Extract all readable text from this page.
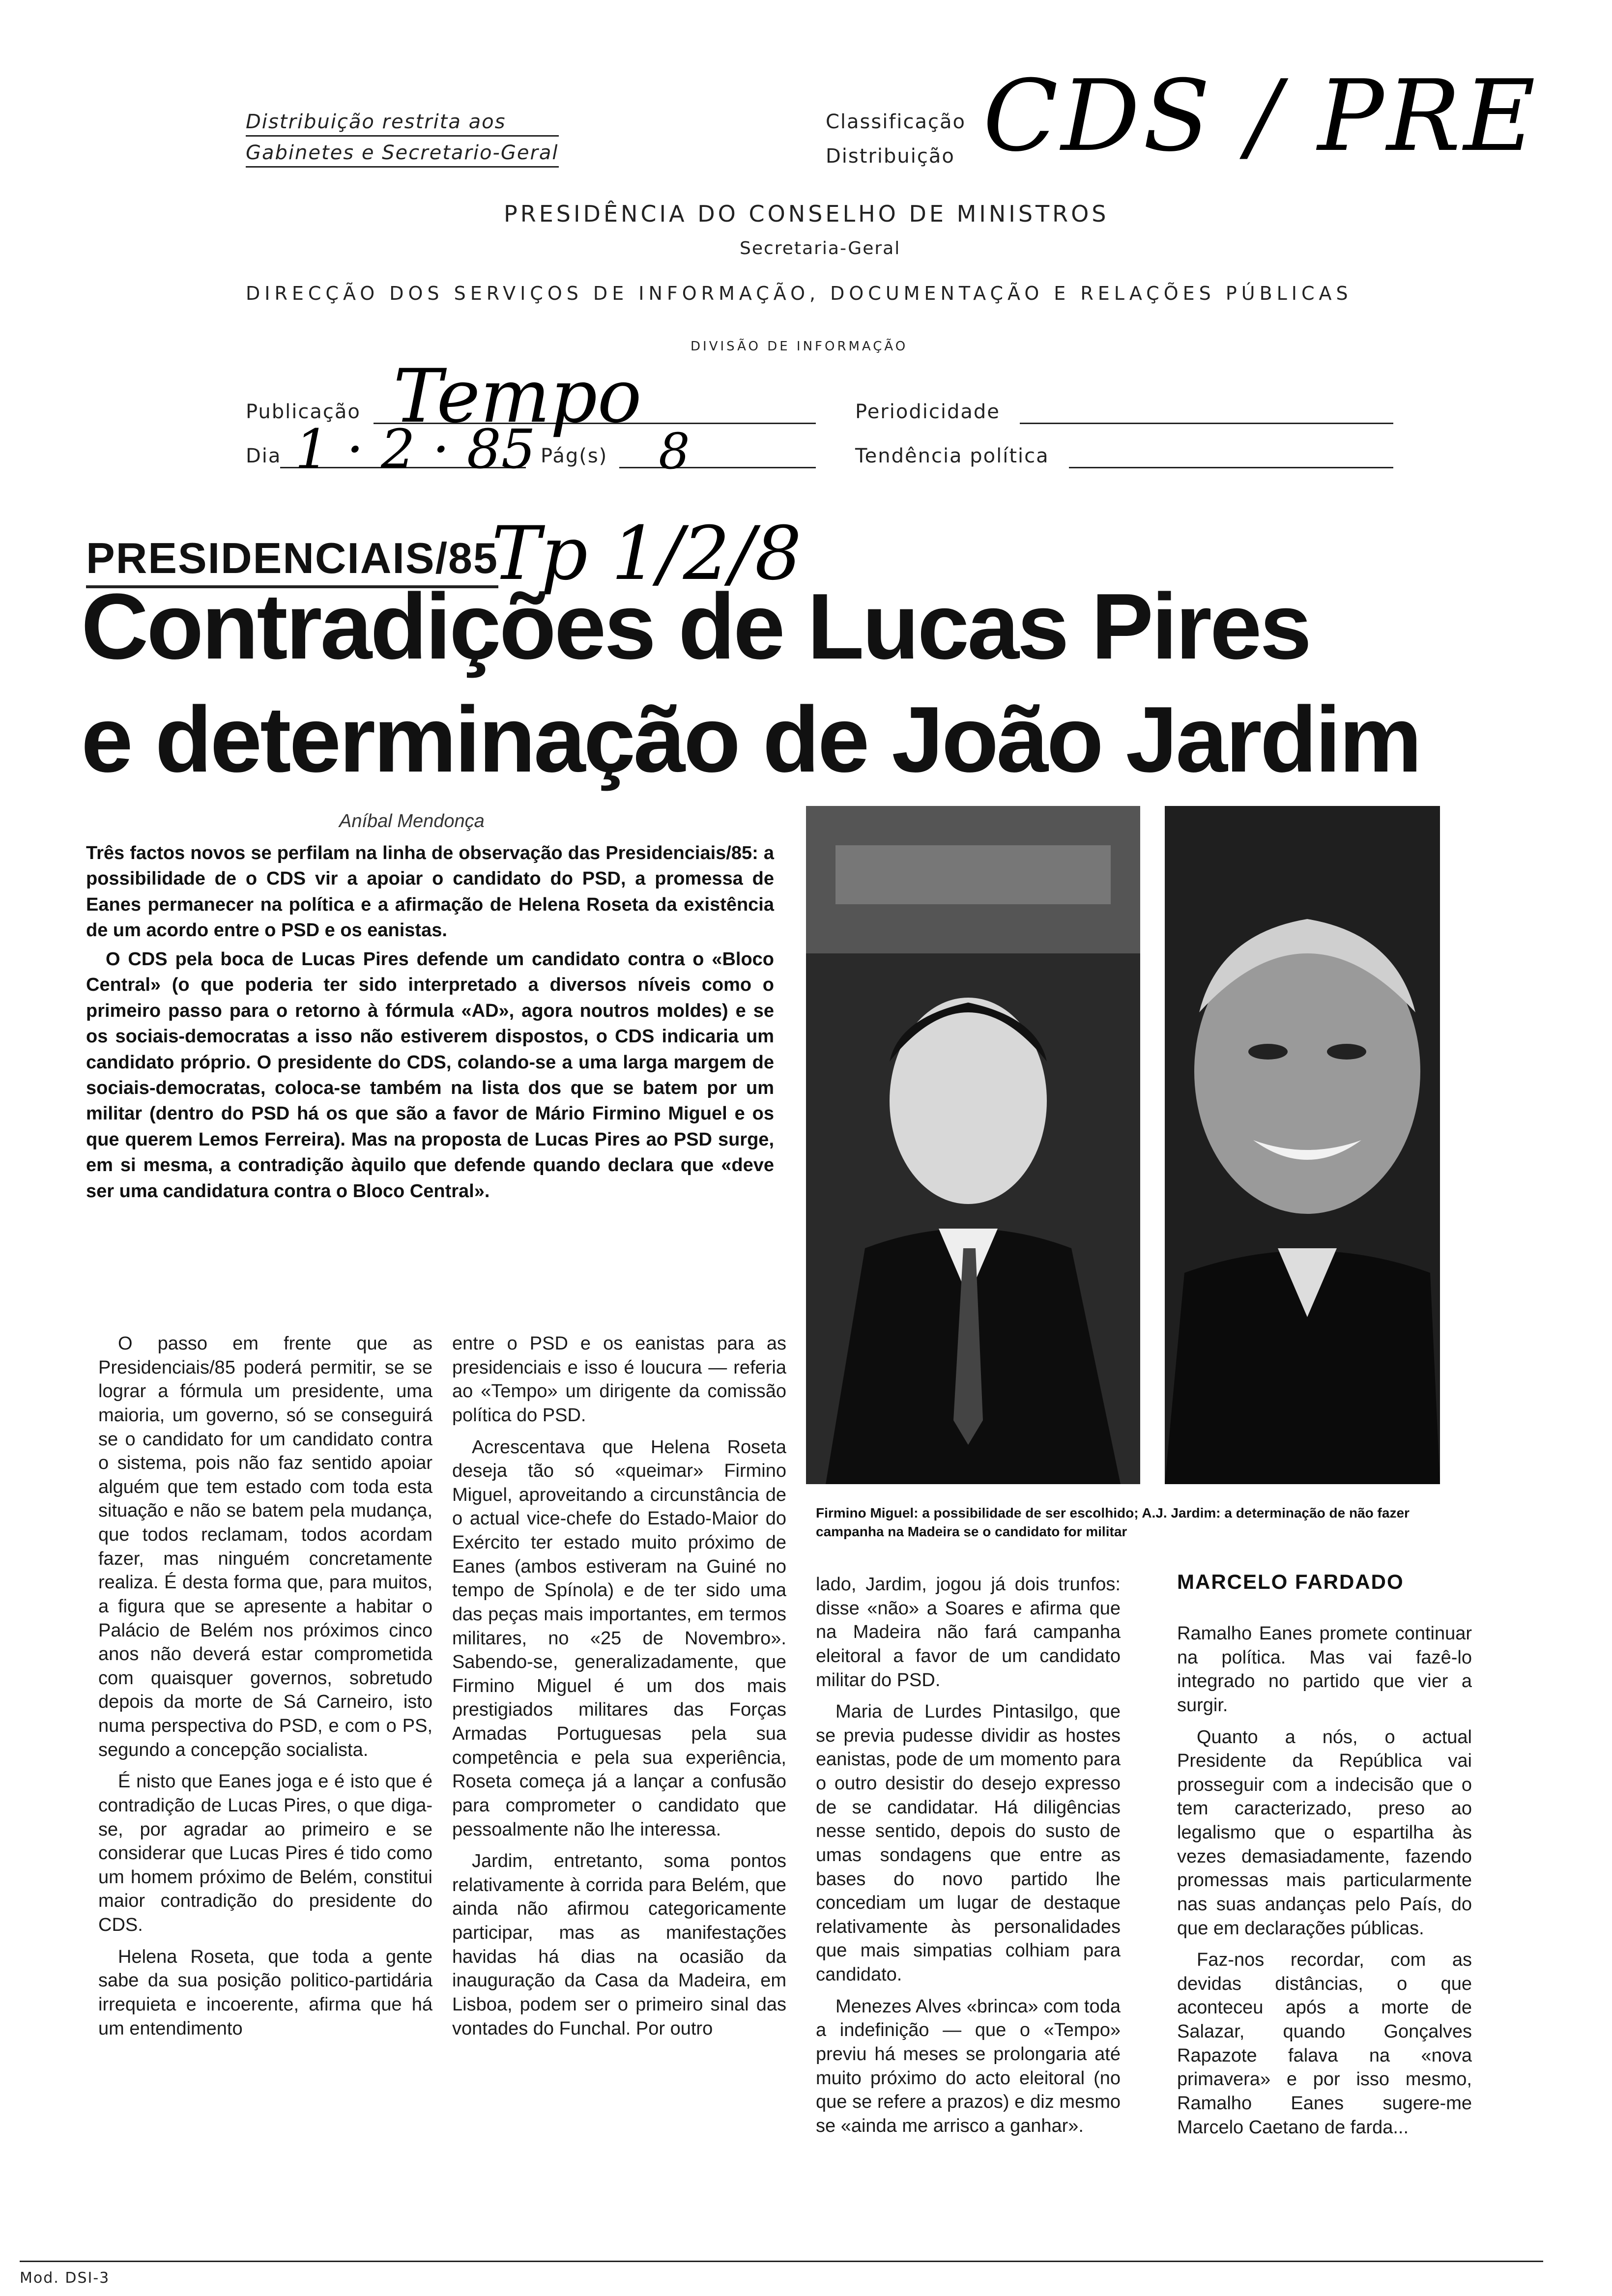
Distribuição restrita aos
Gabinetes e Secretario-Geral
Classificação
Distribuição CDS / PRE
PRESIDÊNCIA DO CONSELHO DE MINISTROS
Secretaria-Geral
DIRECÇÃO DOS SERVIÇOS DE INFORMAÇÃO, DOCUMENTAÇÃO E RELAÇÕES PÚBLICAS
DIVISÃO DE INFORMAÇÃO
Publicação Tempo	Periodicidade
Dia 1 · 2 · 85 Pág(s) 8	Tendência política
PRESIDENCIAIS/85
Tp 1/2/8
Contradições de Lucas Pires
e determinação de João Jardim
Aníbal Mendonça

Três factos novos se perfilam na linha de observação das Presidenciais/85: a possibilidade de o CDS vir a apoiar o candidato do PSD, a promessa de Eanes permanecer na política e a afirmação de Helena Roseta da existência de um acordo entre o PSD e os eanistas.

O CDS pela boca de Lucas Pires defende um candidato contra o «Bloco Central» (o que poderia ter sido interpretado a diversos níveis como o primeiro passo para o retorno à fórmula «AD», agora noutros moldes) e se os sociais-democratas a isso não estiverem dispostos, o CDS indicaria um candidato próprio. O presidente do CDS, colando-se a uma larga margem de sociais-democratas, coloca-se também na lista dos que se batem por um militar (dentro do PSD há os que são a favor de Mário Firmino Miguel e os que querem Lemos Ferreira). Mas na proposta de Lucas Pires ao PSD surge, em si mesma, a contradição àquilo que defende quando declara que «deve ser uma candidatura contra o Bloco Central».

Firmino Miguel: a possibilidade de ser escolhido; A.J. Jardim: a determinação de não fazer campanha na Madeira se o candidato for militar

O passo em frente que as Presidenciais/85 poderá permitir, se se lograr a fórmula um presidente, uma maioria, um governo, só se conseguirá se o candidato for um candidato contra o sistema, pois não faz sentido apoiar alguém que tem estado com toda esta situação e não se batem pela mudança, que todos reclamam, todos acordam fazer, mas ninguém concretamente realiza. É desta forma que, para muitos, a figura que se apresente a habitar o Palácio de Belém nos próximos cinco anos não deverá estar comprometida com quaisquer governos, sobretudo depois da morte de Sá Carneiro, isto numa perspectiva do PSD, e com o PS, segundo a concepção socialista.

É nisto que Eanes joga e é isto que é contradição de Lucas Pires, o que diga-se, por agradar ao primeiro e se considerar que Lucas Pires é tido como um homem próximo de Belém, constitui maior contradição do presidente do CDS.

Helena Roseta, que toda a gente sabe da sua posição politico-partidária irrequieta e incoerente, afirma que há um entendimento

entre o PSD e os eanistas para as presidenciais e isso é loucura — referia ao «Tempo» um dirigente da comissão política do PSD.

Acrescentava que Helena Roseta deseja tão só «queimar» Firmino Miguel, aproveitando a circunstância de o actual vice-chefe do Estado-Maior do Exército ter estado muito próximo de Eanes (ambos estiveram na Guiné no tempo de Spínola) e de ter sido uma das peças mais importantes, em termos militares, no «25 de Novembro». Sabendo-se, generalizadamente, que Firmino Miguel é um dos mais prestigiados militares das Forças Armadas Portuguesas pela sua competência e pela sua experiência, Roseta começa já a lançar a confusão para comprometer o candidato que pessoalmente não lhe interessa.

Jardim, entretanto, soma pontos relativamente à corrida para Belém, que ainda não afirmou categoricamente participar, mas as manifestações havidas há dias na ocasião da inauguração da Casa da Madeira, em Lisboa, podem ser o primeiro sinal das vontades do Funchal. Por outro

lado, Jardim, jogou já dois trunfos: disse «não» a Soares e afirma que na Madeira não fará campanha eleitoral a favor de um candidato militar do PSD.

Maria de Lurdes Pintasilgo, que se previa pudesse dividir as hostes eanistas, pode de um momento para o outro desistir do desejo expresso de se candidatar. Há diligências nesse sentido, depois do susto de umas sondagens que entre as bases do novo partido lhe concediam um lugar de destaque relativamente às personalidades que mais simpatias colhiam para candidato.

Menezes Alves «brinca» com toda a indefinição — que o «Tempo» previu há meses se prolongaria até muito próximo do acto eleitoral (no que se refere a prazos) e diz mesmo se «ainda me arrisco a ganhar».

MARCELO FARDADO

Ramalho Eanes promete continuar na política. Mas vai fazê-lo integrado no partido que vier a surgir.

Quanto a nós, o actual Presidente da República vai prosseguir com a indecisão que o tem caracterizado, preso ao legalismo que o espartilha às vezes demasiadamente, fazendo promessas mais particularmente nas suas andanças pelo País, do que em declarações públicas.

Faz-nos recordar, com as devidas distâncias, o que aconteceu após a morte de Salazar, quando Gonçalves Rapazote falava na «nova primavera» e por isso mesmo, Ramalho Eanes sugere-me Marcelo Caetano de farda...

Mod. DSI-3
